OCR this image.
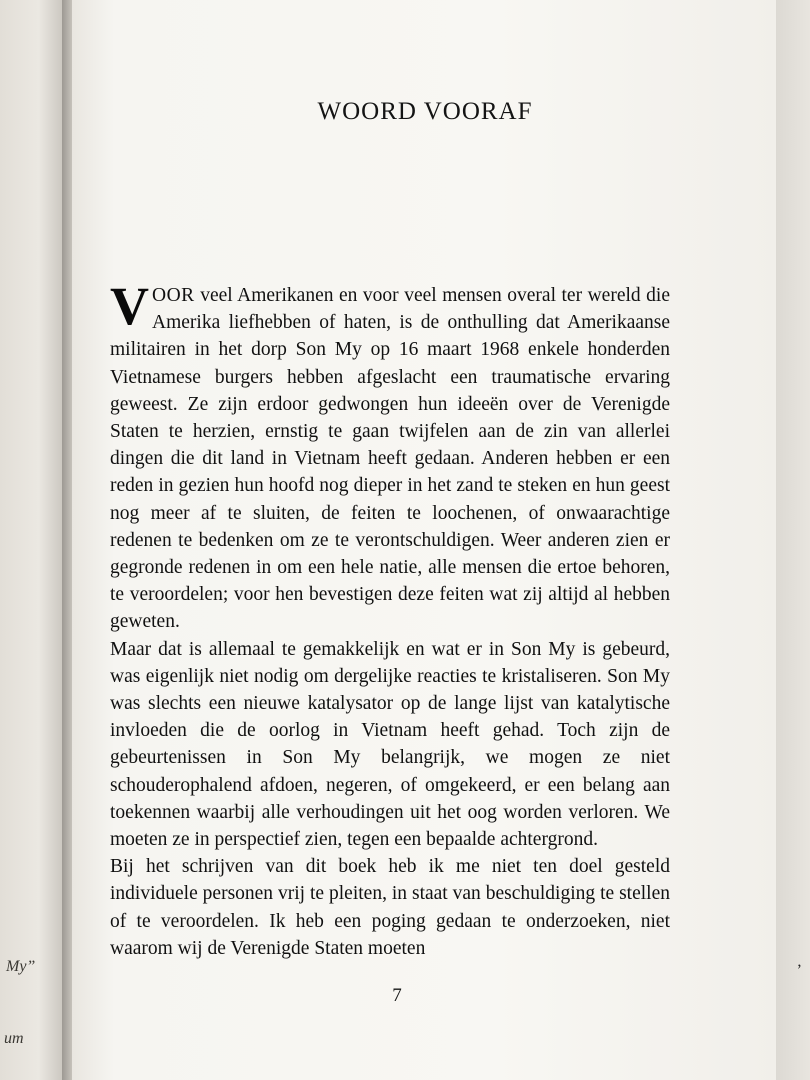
My”
um
WOORD VOORAF

VOOR veel Amerikanen en voor veel mensen overal ter wereld die Amerika liefhebben of haten, is de onthulling dat Amerikaanse militairen in het dorp Son My op 16 maart 1968 enkele honderden Vietnamese burgers hebben afgeslacht een traumatische ervaring geweest. Ze zijn erdoor gedwongen hun ideeën over de Verenigde Staten te herzien, ernstig te gaan twijfelen aan de zin van allerlei dingen die dit land in Vietnam heeft gedaan. Anderen hebben er een reden in gezien hun hoofd nog dieper in het zand te steken en hun geest nog meer af te sluiten, de feiten te loochenen, of onwaarachtige redenen te bedenken om ze te verontschuldigen. Weer anderen zien er gegronde redenen in om een hele natie, alle mensen die ertoe behoren, te veroordelen; voor hen bevestigen deze feiten wat zij altijd al hebben geweten.

Maar dat is allemaal te gemakkelijk en wat er in Son My is gebeurd, was eigenlijk niet nodig om dergelijke reacties te kristaliseren. Son My was slechts een nieuwe katalysator op de lange lijst van katalytische invloeden die de oorlog in Vietnam heeft gehad. Toch zijn de gebeurtenissen in Son My belangrijk, we mogen ze niet schouderophalend afdoen, negeren, of omgekeerd, er een belang aan toekennen waarbij alle verhoudingen uit het oog worden verloren. We moeten ze in perspectief zien, tegen een bepaalde achtergrond.

Bij het schrijven van dit boek heb ik me niet ten doel gesteld individuele personen vrij te pleiten, in staat van beschuldiging te stellen of te veroordelen. Ik heb een poging gedaan te onderzoeken, niet waarom wij de Verenigde Staten moeten

7
’
